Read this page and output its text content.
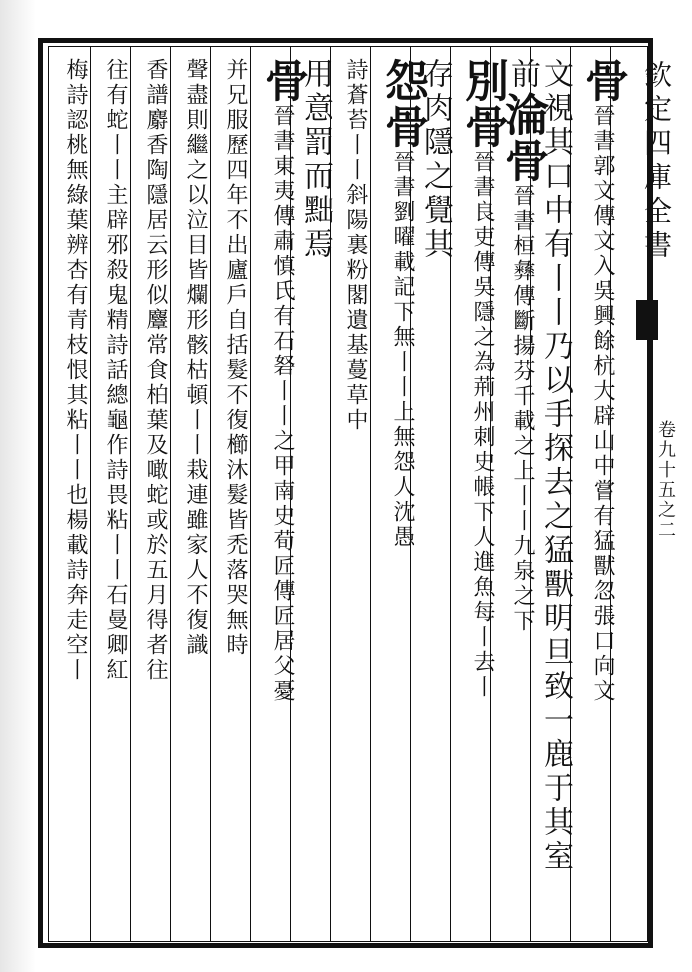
欽定四庫全書
卷九十五之二
骨晉書郭文傳文入吳興餘杭大辟山中嘗有猛獸忽張口向文
文視其口中有丨丨乃以手探去之猛獸明旦致一鹿于其室
前淪骨晉書桓彝傳斷揚芬千載之上丨丨九泉之下
別骨晉書良吏傳吳隱之為荊州刺史帳下人進魚每丨去丨
存肉隱之覺其
怨骨晉書劉曜載記下無丨丨上無怨人沈愚
詩蒼苔丨丨斜陽裏粉閣遺基蔓草中
用意罰而黜焉
骨晉書東夷傳肅慎氏有石砮丨丨之甲南史荀匠傳匠居父憂
并兄服歷四年不出廬戶自括髮不復櫛沐髮皆禿落哭無時
聲盡則繼之以泣目皆爛形骸枯頓丨丨栽連雖家人不復識
香譜麝香陶隱居云形似麞常食柏葉及噉蛇或於五月得者往
往有蛇丨丨主辟邪殺鬼精詩話總龜作詩畏粘丨丨石曼卿紅
梅詩認桃無綠葉辨杏有青枝恨其粘丨丨也楊載詩奔走空丨
